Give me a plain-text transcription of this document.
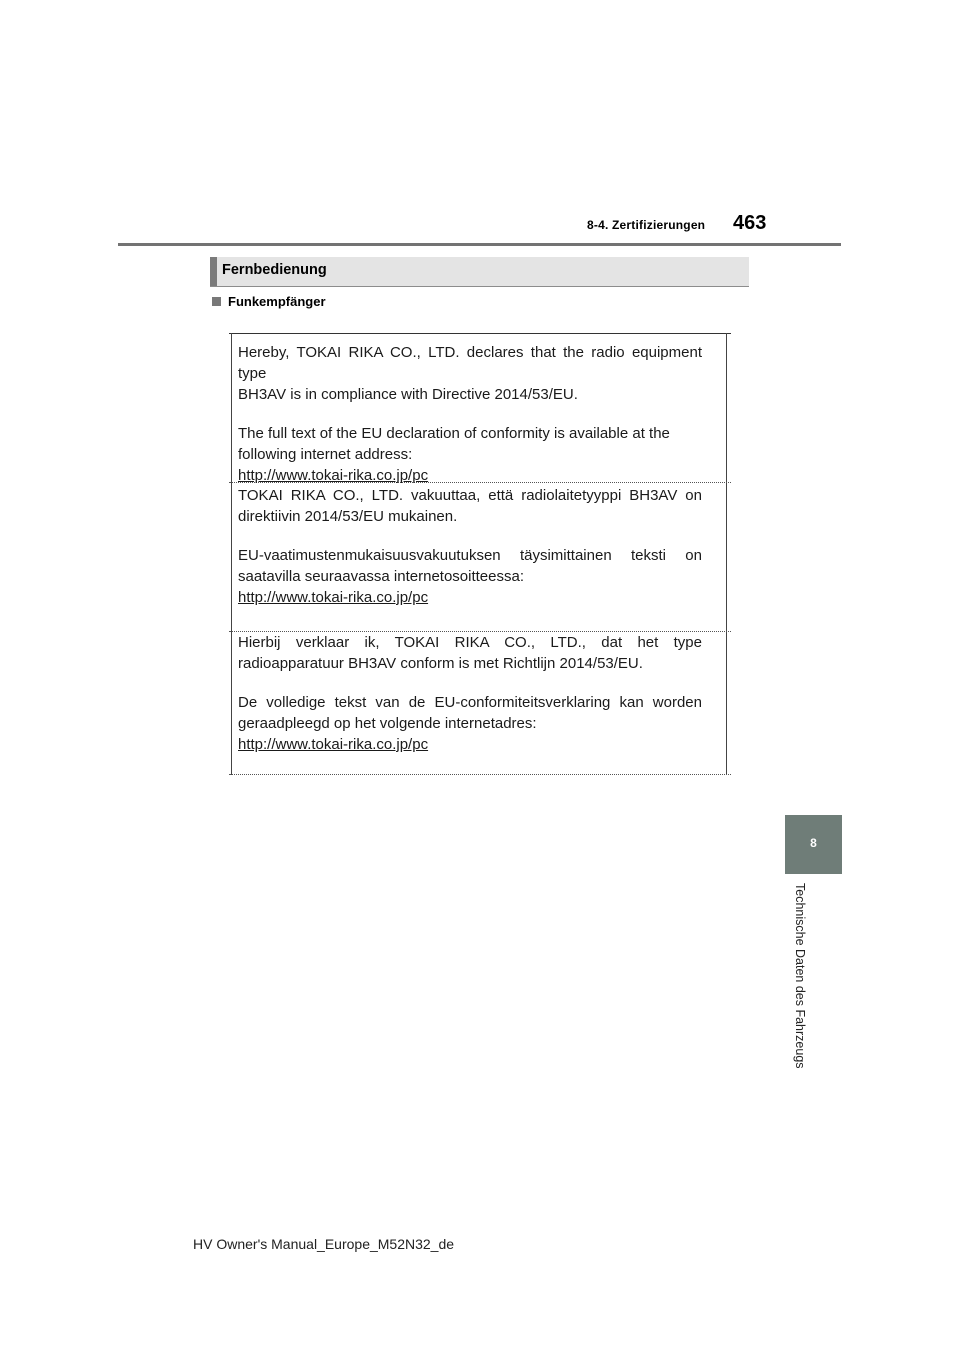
8-4. Zertifizierungen 463
Fernbedienung
Funkempfänger

Hereby, TOKAI RIKA CO., LTD. declares that the radio equipment type

BH3AV is in compliance with Directive 2014/53/EU.

The full text of the EU declaration of conformity is available at the

following internet address:

http://www.tokai-rika.co.jp/pc

TOKAI RIKA CO., LTD. vakuuttaa, että radiolaitetyyppi BH3AV on

direktiivin 2014/53/EU mukainen.

EU-vaatimustenmukaisuusvakuutuksen täysimittainen teksti on

saatavilla seuraavassa internetosoitteessa:

http://www.tokai-rika.co.jp/pc

Hierbij verklaar ik, TOKAI RIKA CO., LTD., dat het type

radioapparatuur BH3AV conform is met Richtlijn 2014/53/EU.

De volledige tekst van de EU-conformiteitsverklaring kan worden

geraadpleegd op het volgende internetadres:

http://www.tokai-rika.co.jp/pc

8
Technische Daten des Fahrzeugs
HV Owner's Manual_Europe_M52N32_de
